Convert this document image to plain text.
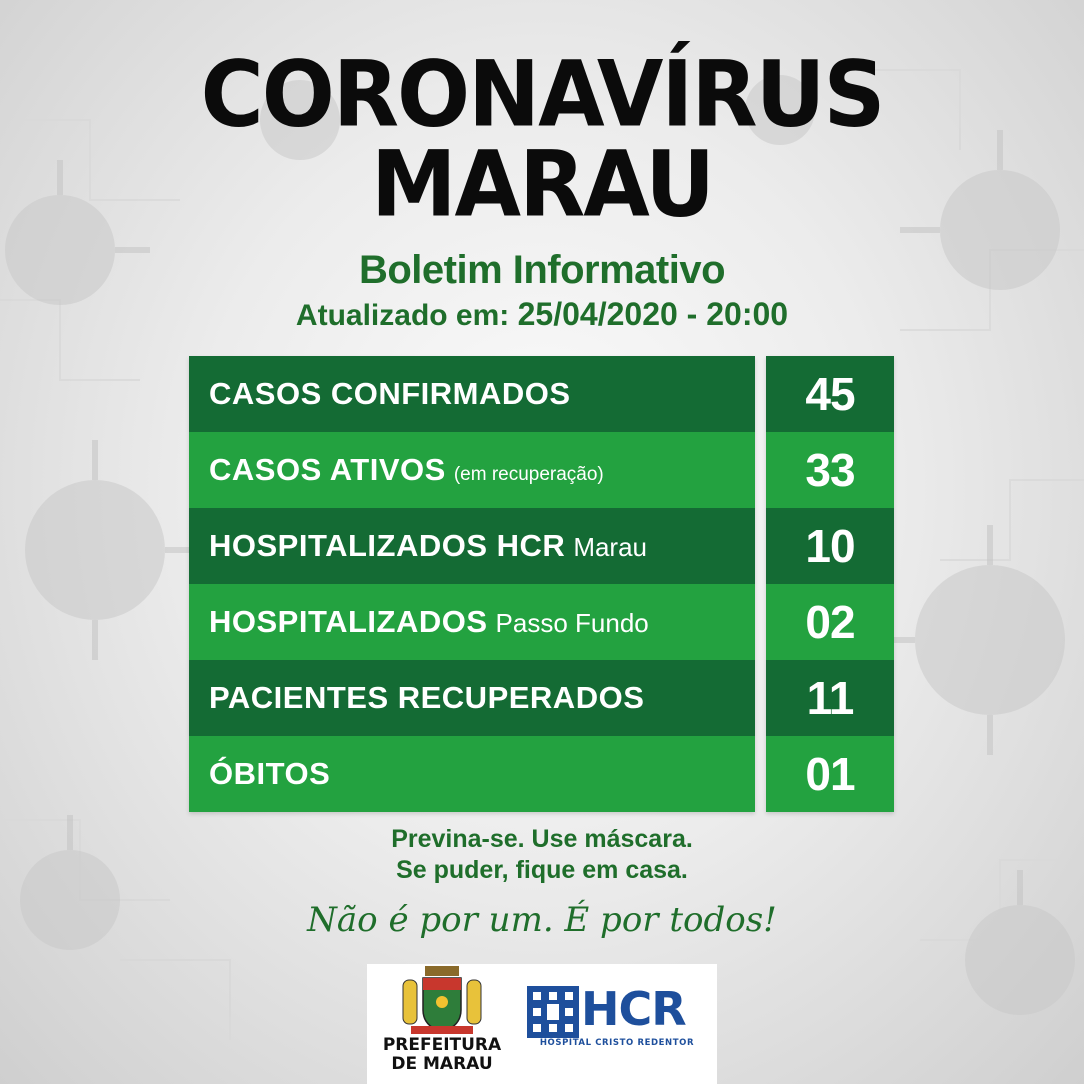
CORONAVÍRUS
MARAU
Boletim Informativo
Atualizado em: 25/04/2020 - 20:00
CASOS CONFIRMADOS
CASOS ATIVOS (em recuperação)
HOSPITALIZADOS HCR Marau
HOSPITALIZADOS Passo Fundo
PACIENTES RECUPERADOS
ÓBITOS
45
33
10
02
11
01
Previna-se. Use máscara.
Se puder, fique em casa.
Não é por um. É por todos!
PREFEITURA
DE MARAU
HCR
HOSPITAL CRISTO REDENTOR
